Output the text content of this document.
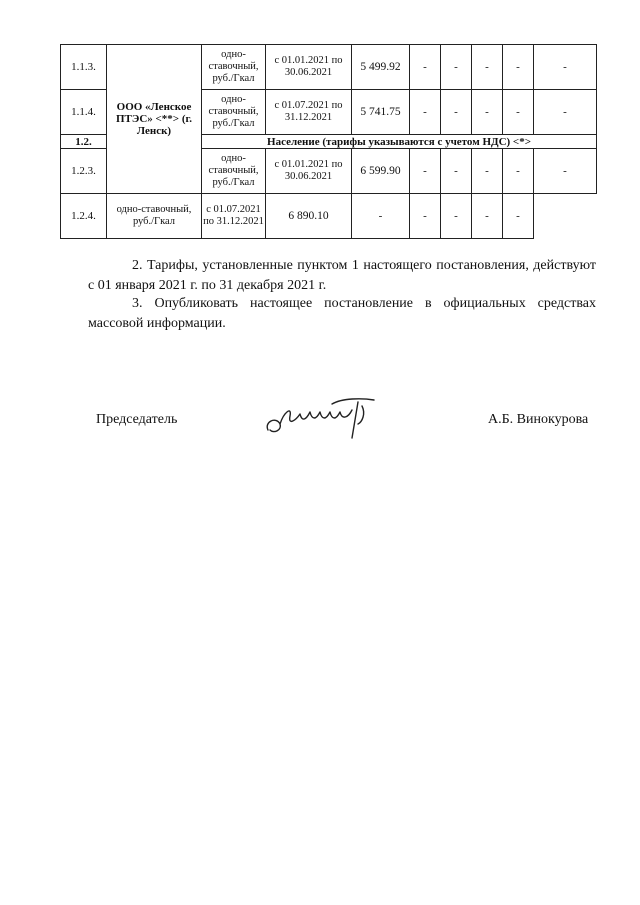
1.1.3.	ООО «Ленское ПТЭС» <**> (г. Ленск)	одно-ставочный, руб./Гкал	с 01.01.2021 по 30.06.2021	5 499.92	-	-	-	-	-
1.1.4.		одно-ставочный, руб./Гкал	с 01.07.2021 по 31.12.2021	5 741.75	-	-	-	-	-
1.2.		Население (тарифы указываются с учетом НДС) <*>							
1.2.3.		одно-ставочный, руб./Гкал	с 01.01.2021 по 30.06.2021	6 599.90	-	-	-	-	-
1.2.4.	одно-ставочный, руб./Гкал	с 01.07.2021 по 31.12.2021	6 890.10	-	-	-	-	-	

2. Тарифы, установленные пунктом 1 настоящего постановления, действуют с 01 января 2021 г. по 31 декабря 2021 г.

3. Опубликовать настоящее постановление в официальных средствах массовой информации.

Председатель	А.Б. Винокурова
